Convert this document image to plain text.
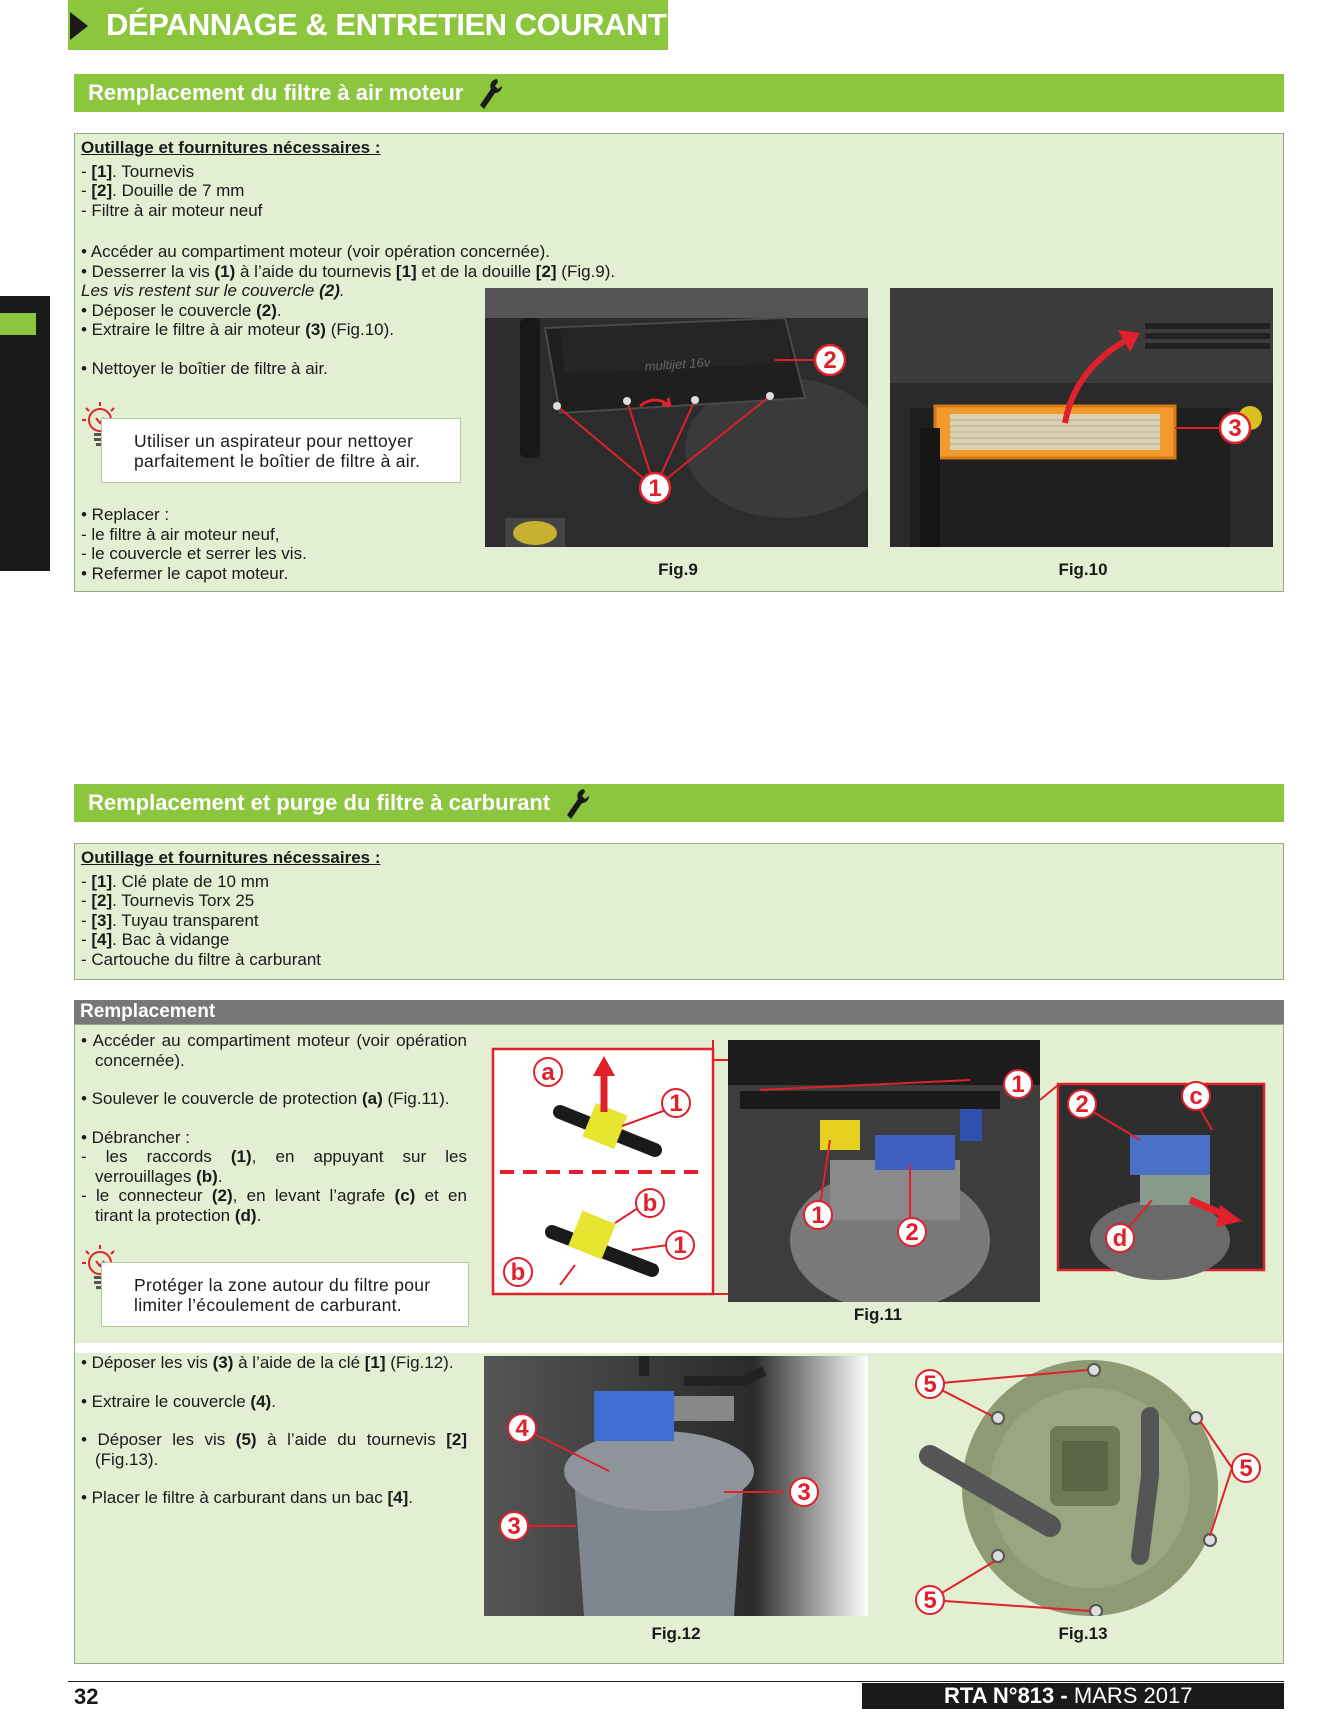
DÉPANNAGE & ENTRETIEN COURANT
Remplacement du filtre à air moteur

Outillage et fournitures nécessaires :

- [1]. Tournevis

- [2]. Douille de 7 mm

- Filtre à air moteur neuf

• Accéder au compartiment moteur (voir opération concernée).

• Desserrer la vis (1) à l’aide du tournevis [1] et de la douille [2] (Fig.9).

Les vis restent sur le couvercle (2).

• Déposer le couvercle (2).

• Extraire le filtre à air moteur (3) (Fig.10).

• Nettoyer le boîtier de filtre à air.

Utiliser un aspirateur pour nettoyer parfaitement le boîtier de filtre à air.

• Replacer :

- le filtre à air moteur neuf,

- le couvercle et serrer les vis.

• Refermer le capot moteur.

multijet 16v
1
2
Fig.9
3
Fig.10
Remplacement et purge du filtre à carburant

Outillage et fournitures nécessaires :

- [1]. Clé plate de 10 mm

- [2]. Tournevis Torx 25

- [3]. Tuyau transparent

- [4]. Bac à vidange

- Cartouche du filtre à carburant

Remplacement

• Accéder au compartiment moteur (voir opération concernée).

• Soulever le couvercle de protection (a) (Fig.11).

• Débrancher :

- les raccords (1), en appuyant sur les verrouillages (b).

- le connecteur (2), en levant l’agrafe (c) et en tirant la protection (d).

Protéger la zone autour du filtre pour limiter l’écoulement de carburant.

• Déposer les vis (3) à l’aide de la clé [1] (Fig.12).

• Extraire le couvercle (4).

• Déposer les vis (5) à l’aide du tournevis [2] (Fig.13).

• Placer le filtre à carburant dans un bac [4].

a
1
b
1
b
1
2
1
2	c
d
Fig.11
4
3
3
Fig.12
5
5
5
Fig.13
32	RTA N°813 - MARS 2017
